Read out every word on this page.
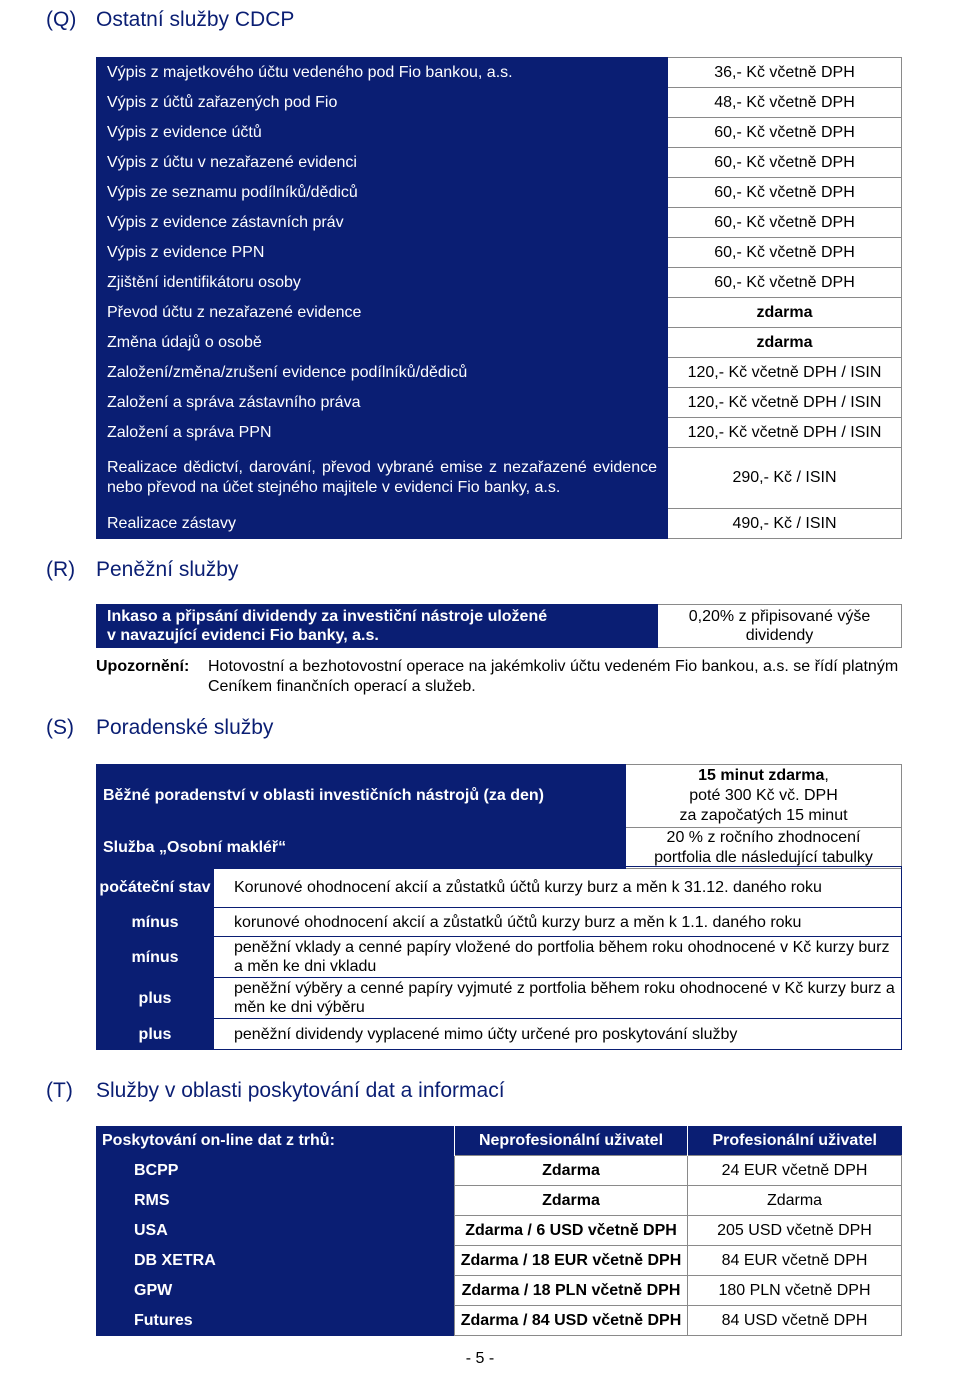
(Q) Ostatní služby CDCP
Výpis z majetkového účtu vedeného pod Fio bankou, a.s.	36,- Kč včetně DPH
Výpis z účtů zařazených pod Fio	48,- Kč včetně DPH
Výpis z evidence účtů	60,- Kč včetně DPH
Výpis z účtu v nezařazené evidenci	60,- Kč včetně DPH
Výpis ze seznamu podílníků/dědiců	60,- Kč včetně DPH
Výpis z evidence zástavních práv	60,- Kč včetně DPH
Výpis z evidence PPN	60,- Kč včetně DPH
Zjištění identifikátoru osoby	60,- Kč včetně DPH
Převod účtu z nezařazené evidence	zdarma
Změna údajů o osobě	zdarma
Založení/změna/zrušení evidence podílníků/dědiců	120,- Kč včetně DPH / ISIN
Založení a správa zástavního práva	120,- Kč včetně DPH / ISIN
Založení a správa PPN	120,- Kč včetně DPH / ISIN
Realizace dědictví, darování, převod vybrané emise z nezařazené evidence nebo převod na účet stejného majitele v evidenci Fio banky, a.s.	290,- Kč / ISIN
Realizace zástavy	490,- Kč / ISIN
(R) Peněžní služby
Inkaso a připsání dividendy za investiční nástroje uložené
v navazující evidenci Fio banky, a.s.

0,20% z připisované výše
dividendy
Upozornění: Hotovostní a bezhotovostní operace na jakémkoliv účtu vedeném Fio bankou, a.s. se řídí platným Ceníkem finančních operací a služeb.
(S) Poradenské služby
Běžné poradenství v oblasti investičních nástrojů (za den)	15 minut zdarma,
poté 300 Kč vč. DPH
za započatých 15 minut

Služba „Osobní makléř“	20 % z ročního zhodnocení
portfolia dle následující tabulky
počáteční stav	Korunové ohodnocení akcií a zůstatků účtů kurzy burz a měn k 31.12. daného roku
mínus	korunové ohodnocení akcií a zůstatků účtů kurzy burz a měn k 1.1. daného roku
mínus	peněžní vklady a cenné papíry vložené do portfolia během roku ohodnocené v Kč kurzy burz a měn ke dni vkladu
plus	peněžní výběry a cenné papíry vyjmuté z portfolia během roku ohodnocené v Kč kurzy burz a měn ke dni výběru
plus	peněžní dividendy vyplacené mimo účty určené pro poskytování služby
(T) Služby v oblasti poskytování dat a informací
Poskytování on-line dat z trhů:	Neprofesionální uživatel	Profesionální uživatel
BCPP	Zdarma	24 EUR včetně DPH
RMS	Zdarma	Zdarma
USA	Zdarma / 6 USD včetně DPH	205 USD včetně DPH
DB XETRA	Zdarma / 18 EUR včetně DPH	84 EUR včetně DPH
GPW	Zdarma / 18 PLN včetně DPH	180 PLN včetně DPH
Futures	Zdarma / 84 USD včetně DPH	84 USD včetně DPH
- 5 -
